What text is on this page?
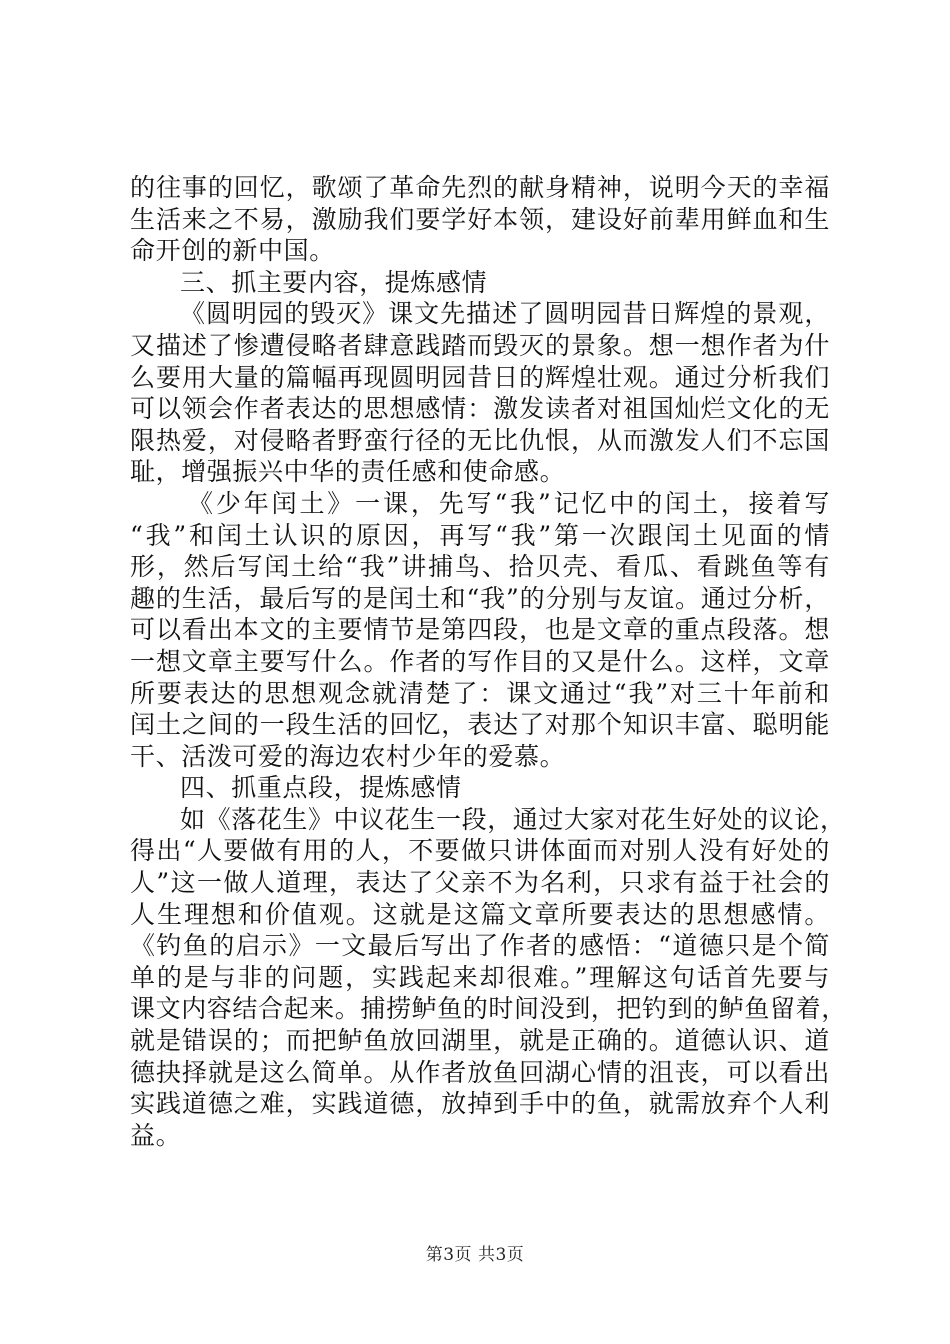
的往事的回忆，歌颂了革命先烈的献身精神，说明今天的幸福
生活来之不易，激励我们要学好本领，建设好前辈用鲜血和生
命开创的新中国。
三、抓主要内容，提炼感情
《圆明园的毁灭》课文先描述了圆明园昔日辉煌的景观，
又描述了惨遭侵略者肆意践踏而毁灭的景象。想一想作者为什
么要用大量的篇幅再现圆明园昔日的辉煌壮观。通过分析我们
可以领会作者表达的思想感情：激发读者对祖国灿烂文化的无
限热爱，对侵略者野蛮行径的无比仇恨，从而激发人们不忘国
耻，增强振兴中华的责任感和使命感。
《少年闰土》一课，先写“我”记忆中的闰土，接着写
“我”和闰土认识的原因，再写“我”第一次跟闰土见面的情
形，然后写闰土给“我”讲捕鸟、拾贝壳、看瓜、看跳鱼等有
趣的生活，最后写的是闰土和“我”的分别与友谊。通过分析，
可以看出本文的主要情节是第四段，也是文章的重点段落。想
一想文章主要写什么。作者的写作目的又是什么。这样，文章
所要表达的思想观念就清楚了：课文通过“我”对三十年前和
闰土之间的一段生活的回忆，表达了对那个知识丰富、聪明能
干、活泼可爱的海边农村少年的爱慕。
四、抓重点段，提炼感情
如《落花生》中议花生一段，通过大家对花生好处的议论，
得出“人要做有用的人，不要做只讲体面而对别人没有好处的
人”这一做人道理，表达了父亲不为名利，只求有益于社会的
人生理想和价值观。这就是这篇文章所要表达的思想感情。
《钓鱼的启示》一文最后写出了作者的感悟：“道德只是个简
单的是与非的问题，实践起来却很难。”理解这句话首先要与
课文内容结合起来。捕捞鲈鱼的时间没到，把钓到的鲈鱼留着，
就是错误的；而把鲈鱼放回湖里，就是正确的。道德认识、道
德抉择就是这么简单。从作者放鱼回湖心情的沮丧，可以看出
实践道德之难，实践道德，放掉到手中的鱼，就需放弃个人利
益。
第3页 共3页
